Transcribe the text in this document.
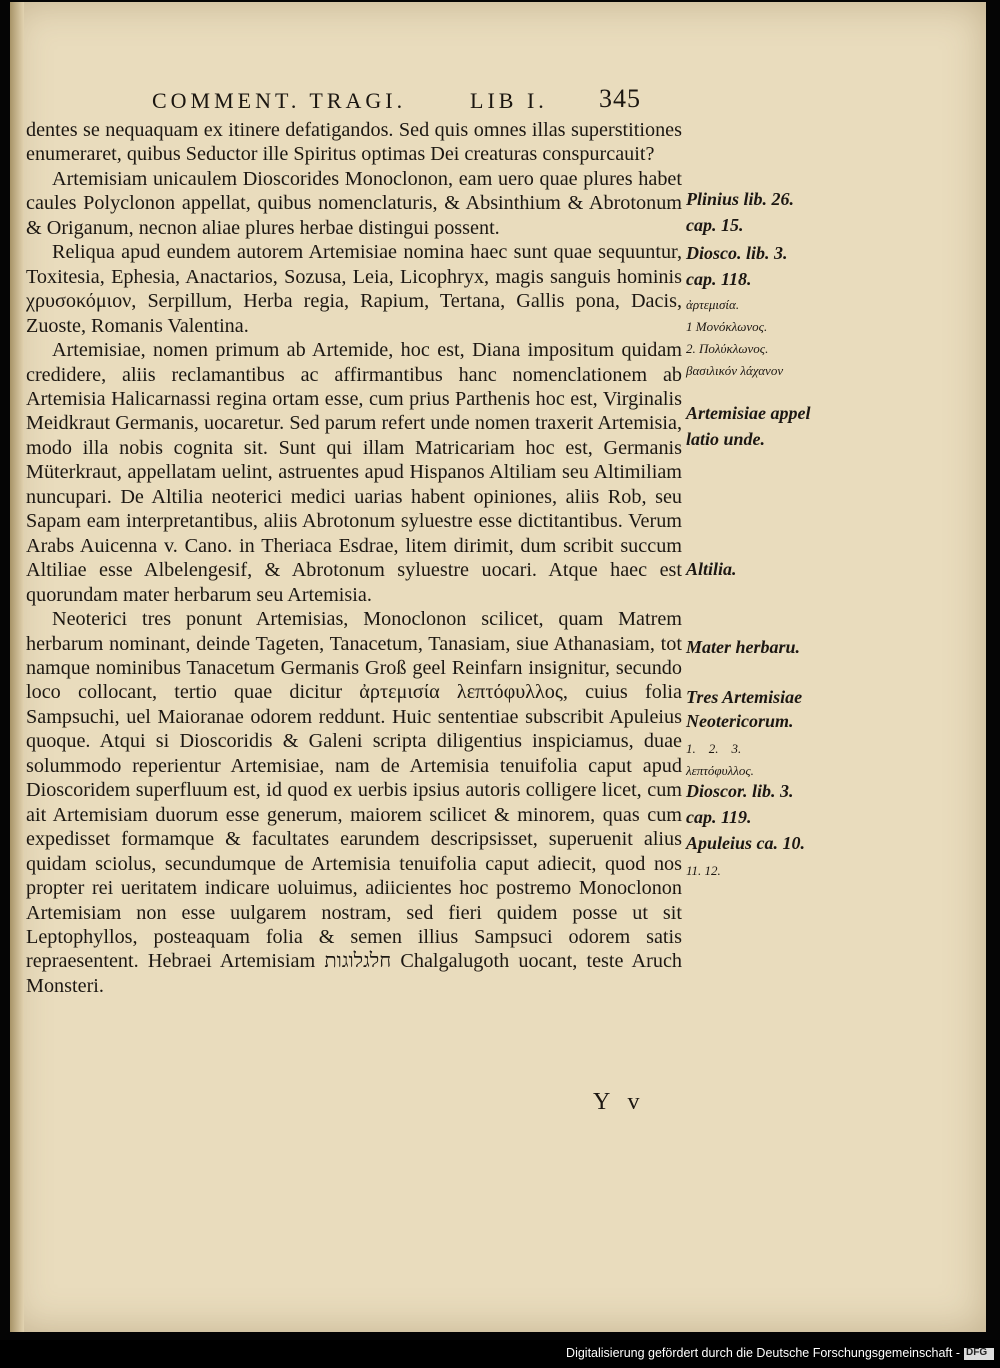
COMMENT. TRAGI.	LIB I. 345

dentes se nequaquam ex itinere defatigandos. Sed quis omnes illas superstitiones enumeraret, quibus Seductor ille Spiritus optimas Dei creaturas conspurcauit?

Artemisiam unicaulem Dioscorides Monoclonon, eam uero quae plures habet caules Polyclonon appellat, quibus nomenclaturis, & Absinthium & Abrotonum & Origanum, necnon aliae plures herbae distingui possent.

Reliqua apud eundem autorem Artemisiae nomina haec sunt quae sequuntur, Toxitesia, Ephesia, Anactarios, Sozusa, Leia, Licophryx, magis sanguis hominis χρυσοκόμιον, Serpillum, Herba regia, Rapium, Tertana, Gallis pona, Dacis, Zuoste, Romanis Valentina.

Artemisiae, nomen primum ab Artemide, hoc est, Diana impositum quidam credidere, aliis reclamantibus ac affirmantibus hanc nomenclationem ab Artemisia Halicarnassi regina ortam esse, cum prius Parthenis hoc est, Virginalis Meidkraut Germanis, uocaretur. Sed parum refert unde nomen traxerit Artemisia, modo illa nobis cognita sit. Sunt qui illam Matricariam hoc est, Germanis Müterkraut, appellatam uelint, astruentes apud Hispanos Altiliam seu Altimiliam nuncupari. De Altilia neoterici medici uarias habent opiniones, aliis Rob, seu Sapam eam interpretantibus, aliis Abrotonum syluestre esse dictitantibus. Verum Arabs Auicenna v. Cano. in Theriaca Esdrae, litem dirimit, dum scribit succum Altiliae esse Albelengesif, & Abrotonum syluestre uocari. Atque haec est quorundam mater herbarum seu Artemisia.

Neoterici tres ponunt Artemisias, Monoclonon scilicet, quam Matrem herbarum nominant, deinde Tageten, Tanacetum, Tanasiam, siue Athanasiam, tot namque nominibus Tanacetum Germanis Groß geel Reinfarn insignitur, secundo loco collocant, tertio quae dicitur ἀρτεμισία λεπτόφυλλος, cuius folia Sampsuchi, uel Maioranae odorem reddunt. Huic sententiae subscribit Apuleius quoque. Atqui si Dioscoridis & Galeni scripta diligentius inspiciamus, duae solummodo reperientur Artemisiae, nam de Artemisia tenuifolia caput apud Dioscoridem superfluum est, id quod ex uerbis ipsius autoris colligere licet, cum ait Artemisiam duorum esse generum, maiorem scilicet & minorem, quas cum expedisset formamque & facultates earundem descripsisset, superuenit alius quidam sciolus, secundumque de Artemisia tenuifolia caput adiecit, quod nos propter rei ueritatem indicare uoluimus, adiicientes hoc postremo Monoclonon Artemisiam non esse uulgarem nostram, sed fieri quidem posse ut sit Leptophyllos, posteaquam folia & semen illius Sampsuci odorem satis repraesentent. Hebraei Artemisiam חלגלוגות Chalgalugoth uocant, teste Aruch Monsteri.

Plinius lib. 26.
cap. 15.
Diosco. lib. 3.
cap. 118.
ἀρτεμισία.
1 Μονόκλωνος.
2. Πολύκλωνος.
βασιλικόν λάχανον
Artemisiae appel
latio unde.
Altilia.
Mater herbaru.
Tres Artemisiae
Neotericorum.
1.    2.    3.
λεπτόφυλλος.
Dioscor. lib. 3.
cap. 119.
Apuleius ca. 10.
11. 12.
Y v
Digitalisierung gefördert durch die Deutsche Forschungsgemeinschaft - DFG
